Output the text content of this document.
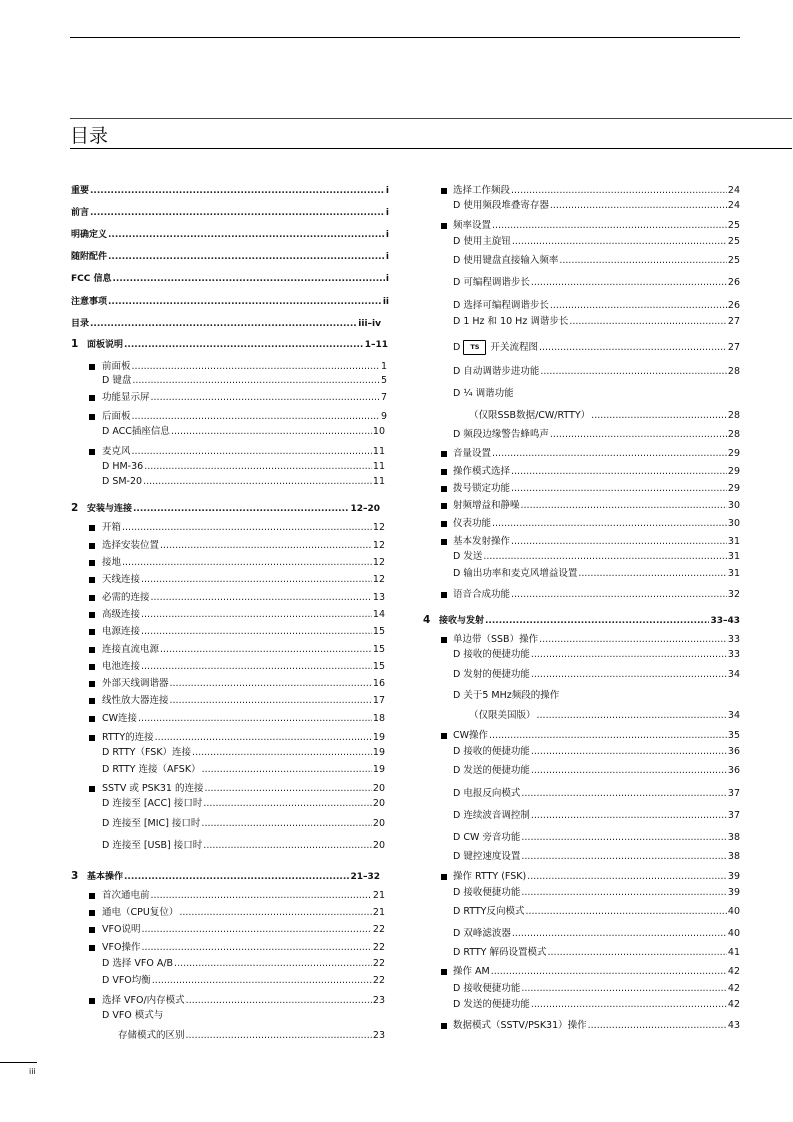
目录
重要 .....	i
前言 .....	i
明确定义 .....	i
随附配件 .....	i
FCC 信息 .....	i
注意事项 .....	ii
目录 .....	iii–iv
1 面板说明 .....	1–11
前面板 .....	1
D 键盘 .....	5
功能显示屏 .....	7
后面板 .....	9
D ACC插座信息 .....	10
麦克风 .....	11
D HM-36 .....	11
D SM-20 .....	11
2 安装与连接 .....	12–20
开箱 .....	12
选择安装位置 .....	12
接地 .....	12
天线连接 .....	12
必需的连接 .....	13
高级连接 .....	14
电源连接 .....	15
连接直流电源 .....	15
电池连接 .....	15
外部天线调谐器 .....	16
线性放大器连接 .....	17
CW连接 .....	18
RTTY的连接 .....	19
D RTTY（FSK）连接 .....	19
D RTTY 连接（AFSK） .....	19
SSTV 或 PSK31 的连接 .....	20
D 连接至 [ACC] 接口时 .....	20
D 连接至 [MIC] 接口时 .....	20
D 连接至 [USB] 接口时 .....	20
3 基本操作 .....	21–32
首次通电前 .....	21
通电（CPU复位） .....	21
VFO说明 .....	22
VFO操作 .....	22
D 选择 VFO A/B .....	22
D VFO均衡 .....	22
选择 VFO/内存模式 .....	23
D VFO 模式与
存储模式的区别 .....	23
选择工作频段 .....	24
D 使用频段堆叠寄存器 .....	24
频率设置 .....	25
D 使用主旋钮 .....	25
D 使用键盘直接输入频率 .....	25
D 可编程调谐步长 .....	26
D 选择可编程调谐步长 .....	26
D 1 Hz 和 10 Hz 调谐步长 .....	27
D TS 开关流程图 .....	27
D 自动调谐步进功能 .....	28
D ¼ 调谐功能
（仅限SSB数据/CW/RTTY） .....	28
D 频段边缘警告蜂鸣声 .....	28
音量设置 .....	29
操作模式选择 .....	29
拨号锁定功能 .....	29
射频增益和静噪 .....	30
仪表功能 .....	30
基本发射操作 .....	31
D 发送 .....	31
D 输出功率和麦克风增益设置 .....	31
语音合成功能 .....	32
4 接收与发射 .....	33–43
单边带（SSB）操作 .....	33
D 接收的便捷功能 .....	33
D 发射的便捷功能 .....	34
D 关于5 MHz频段的操作
（仅限美国版） .....	34
CW操作 .....	35
D 接收的便捷功能 .....	36
D 发送的便捷功能 .....	36
D 电报反向模式 .....	37
D 连续波音调控制 .....	37
D CW 旁音功能 .....	38
D 键控速度设置 .....	38
操作 RTTY (FSK) .....	39
D 接收便捷功能 .....	39
D RTTY反向模式 .....	40
D 双峰滤波器 .....	40
D RTTY 解码设置模式 .....	41
操作 AM .....	42
D 接收便捷功能 .....	42
D 发送的便捷功能 .....	42
数据模式（SSTV/PSK31）操作 .....	43
iii
